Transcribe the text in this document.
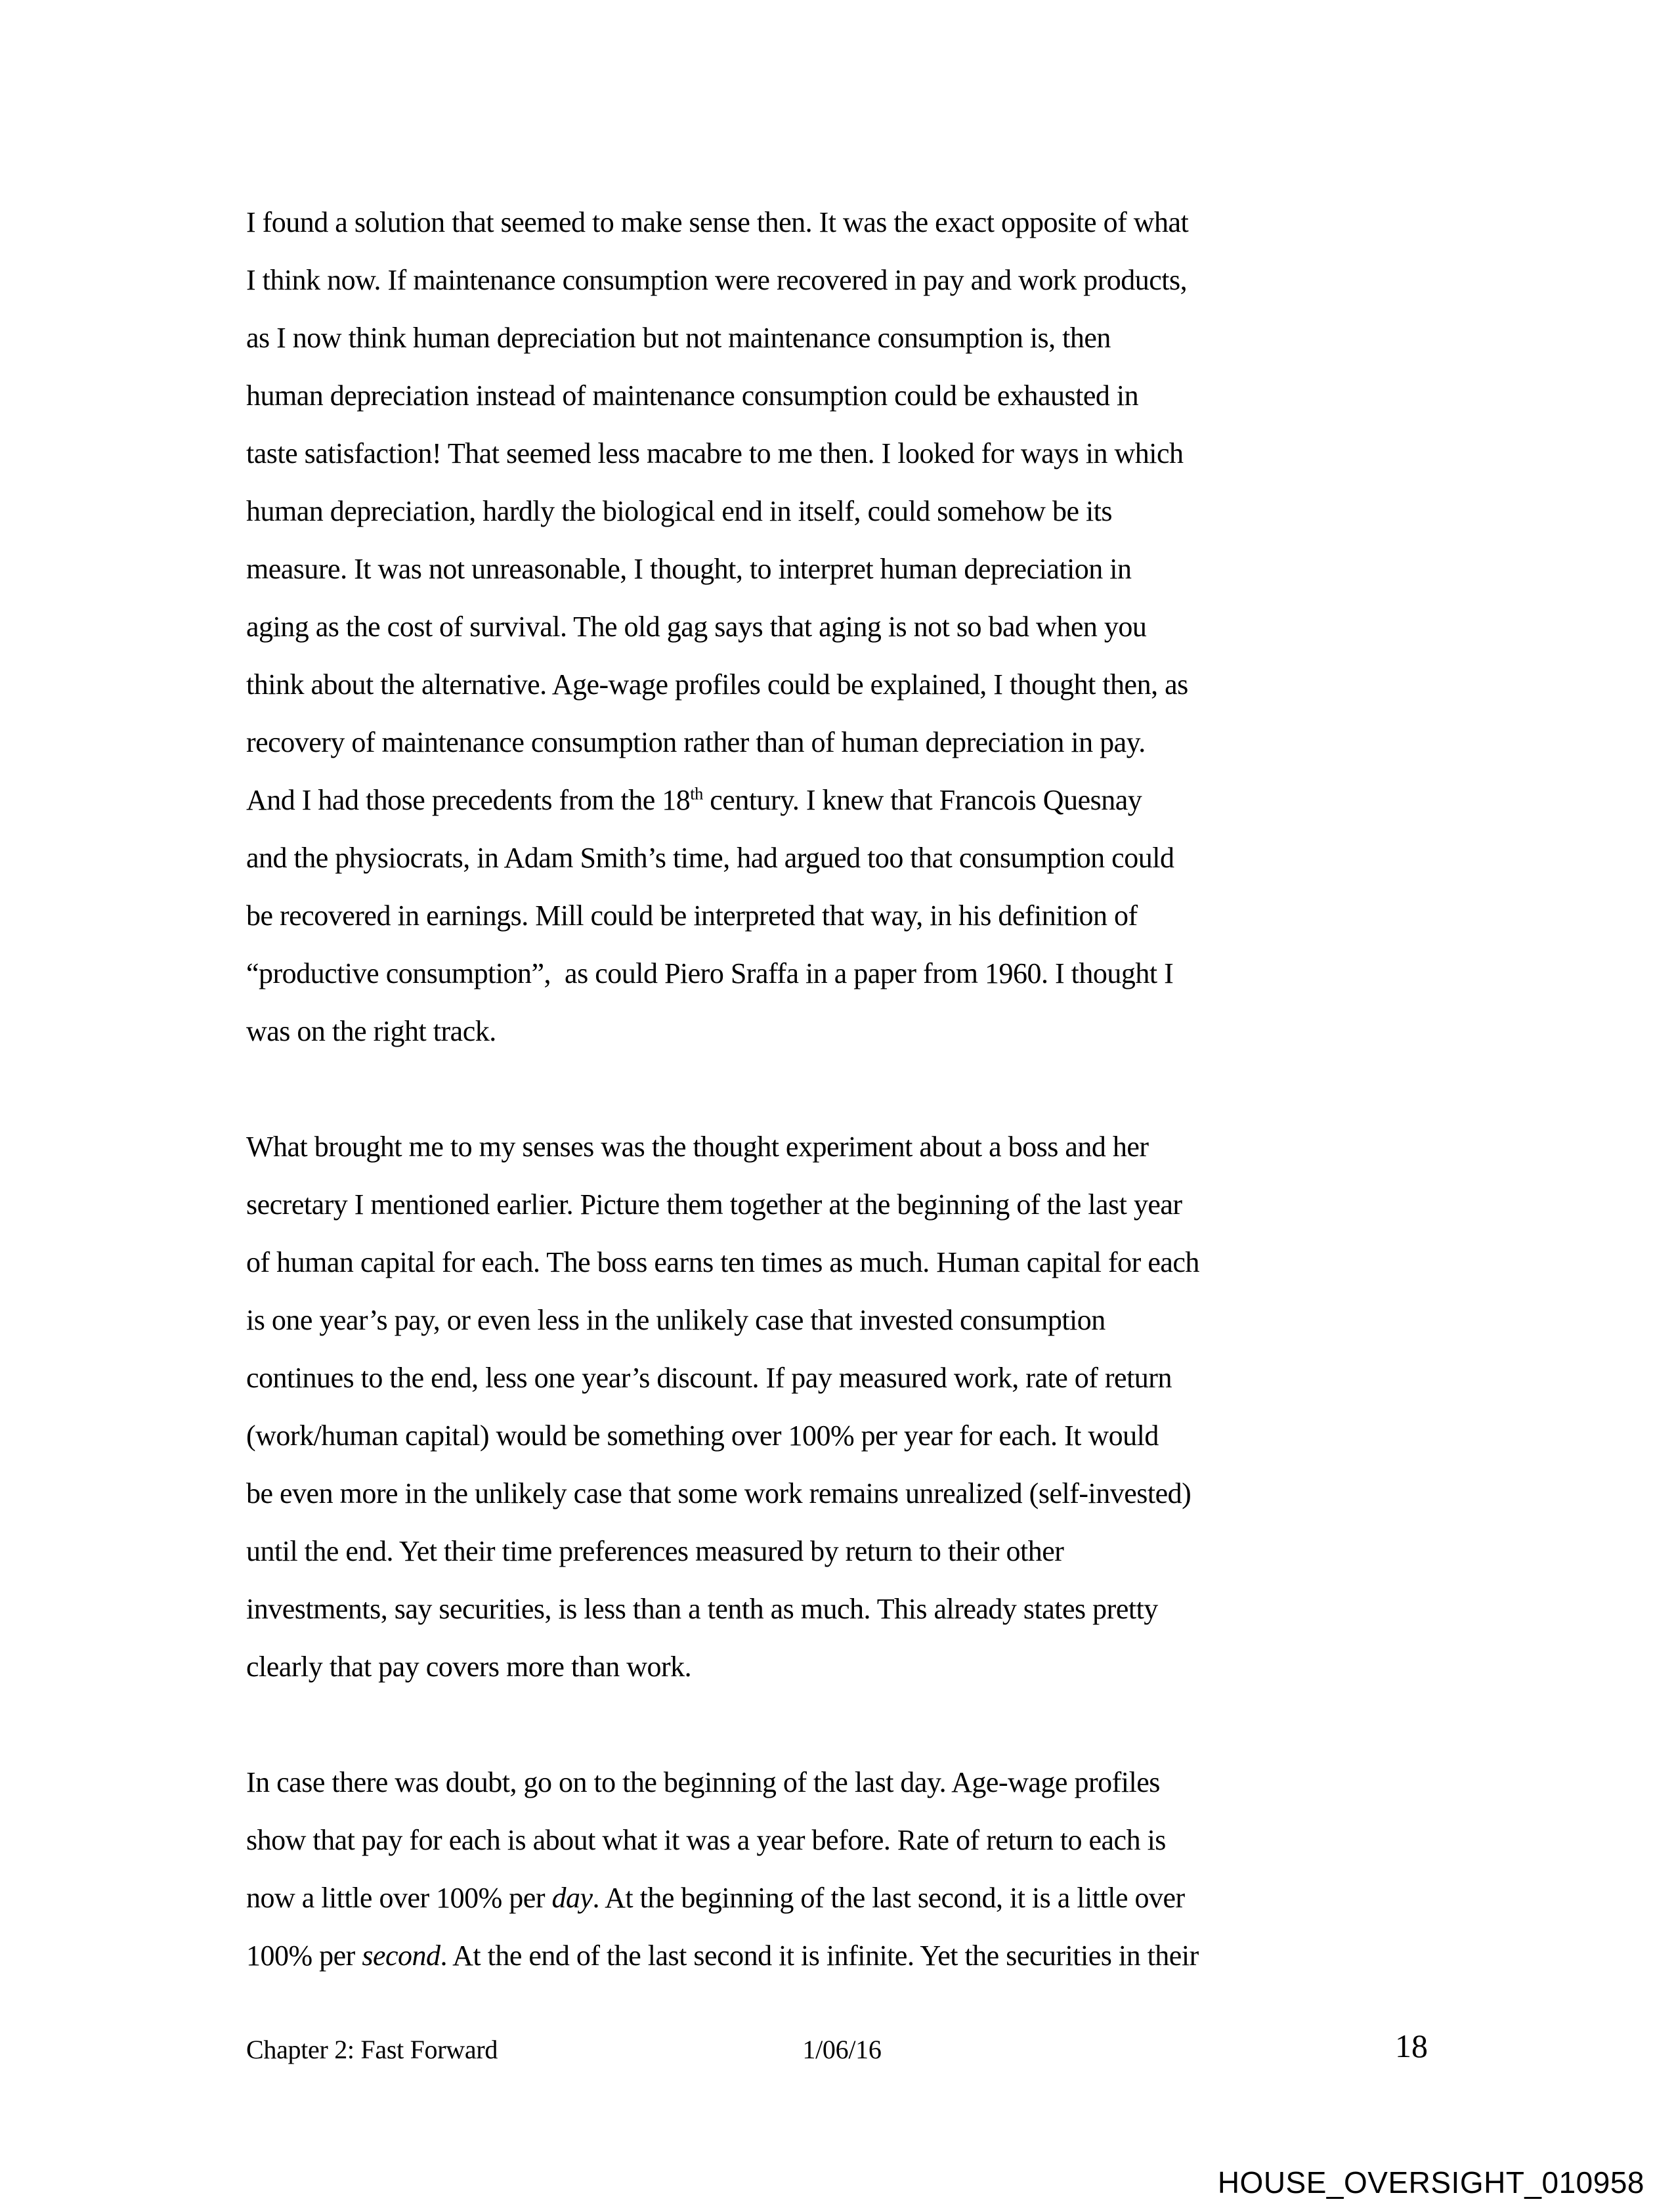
I found a solution that seemed to make sense then. It was the exact opposite of what
I think now. If maintenance consumption were recovered in pay and work products,
as I now think human depreciation but not maintenance consumption is, then
human depreciation instead of maintenance consumption could be exhausted in
taste satisfaction! That seemed less macabre to me then. I looked for ways in which
human depreciation, hardly the biological end in itself, could somehow be its
measure. It was not unreasonable, I thought, to interpret human depreciation in
aging as the cost of survival. The old gag says that aging is not so bad when you
think about the alternative. Age-wage profiles could be explained, I thought then, as
recovery of maintenance consumption rather than of human depreciation in pay.
And I had those precedents from the 18th century. I knew that Francois Quesnay
and the physiocrats, in Adam Smith’s time, had argued too that consumption could
be recovered in earnings. Mill could be interpreted that way, in his definition of
“productive consumption”,  as could Piero Sraffa in a paper from 1960. I thought I
was on the right track.
What brought me to my senses was the thought experiment about a boss and her
secretary I mentioned earlier. Picture them together at the beginning of the last year
of human capital for each. The boss earns ten times as much. Human capital for each
is one year’s pay, or even less in the unlikely case that invested consumption
continues to the end, less one year’s discount. If pay measured work, rate of return
(work/human capital) would be something over 100% per year for each. It would
be even more in the unlikely case that some work remains unrealized (self-invested)
until the end. Yet their time preferences measured by return to their other
investments, say securities, is less than a tenth as much. This already states pretty
clearly that pay covers more than work.
In case there was doubt, go on to the beginning of the last day. Age-wage profiles
show that pay for each is about what it was a year before. Rate of return to each is
now a little over 100% per day. At the beginning of the last second, it is a little over
100% per second. At the end of the last second it is infinite. Yet the securities in their
Chapter 2: Fast Forward	1/06/16	18
HOUSE_OVERSIGHT_010958
